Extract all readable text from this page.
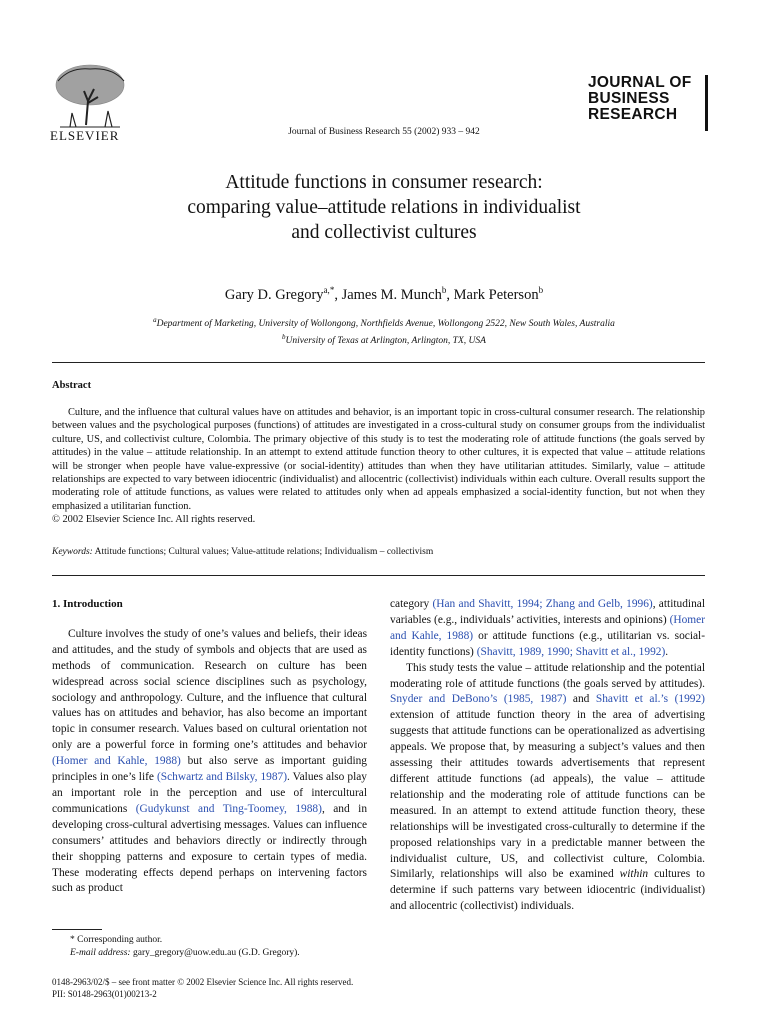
ELSEVIER	Journal of Business Research 55 (2002) 933 – 942
JOURNAL OF
BUSINESS
RESEARCH
Attitude functions in consumer research:
comparing value–attitude relations in individualist
and collectivist cultures
Gary D. Gregory$^{a,*}$, James M. Munch$^b$, Mark Peterson$^b$
$^a$Department of Marketing, University of Wollongong, Northfields Avenue, Wollongong 2522, New South Wales, Australia
$^b$University of Texas at Arlington, Arlington, TX, USA
Abstract

Culture, and the influence that cultural values have on attitudes and behavior, is an important topic in cross-cultural consumer research. The relationship between values and the psychological purposes (functions) of attitudes are investigated in a cross-cultural study on consumer groups from the individualist culture, US, and collectivist culture, Colombia. The primary objective of this study is to test the moderating role of attitude functions (the goals served by attitudes) in the value – attitude relationship. In an attempt to extend attitude function theory to other cultures, it is expected that value – attitude relations will be stronger when people have value-expressive (or social-identity) attitudes than when they have utilitarian attitudes. Similarly, value – attitude relationships are expected to vary between idiocentric (individualist) and allocentric (collectivist) individuals within each culture. Overall results support the moderating role of attitude functions, as values were related to attitudes only when ad appeals emphasized a social-identity function, but not when they emphasized a utilitarian function.

© 2002 Elsevier Science Inc. All rights reserved.

Keywords: Attitude functions; Cultural values; Value-attitude relations; Individualism – collectivism
1. Introduction

Culture involves the study of one’s values and beliefs, their ideas and attitudes, and the study of symbols and objects that are used as methods of communication. Research on culture has been widespread across social science disciplines such as psychology, sociology and anthropology. Culture, and the influence that cultural values has on attitudes and behavior, has also become an important topic in consumer research. Values based on cultural orientation not only are a powerful force in forming one’s attitudes and behavior (Homer and Kahle, 1988) but also serve as important guiding principles in one’s life (Schwartz and Bilsky, 1987). Values also play an important role in the perception and use of intercultural communications (Gudykunst and Ting-Toomey, 1988), and in developing cross-cultural advertising messages. Values can influence consumers’ attitudes and behaviors directly or indirectly through their shopping patterns and exposure to certain types of media. These moderating effects depend perhaps on intervening factors such as product

category (Han and Shavitt, 1994; Zhang and Gelb, 1996), attitudinal variables (e.g., individuals’ activities, interests and opinions) (Homer and Kahle, 1988) or attitude functions (e.g., utilitarian vs. social-identity functions) (Shavitt, 1989, 1990; Shavitt et al., 1992).

This study tests the value – attitude relationship and the potential moderating role of attitude functions (the goals served by attitudes). Snyder and DeBono’s (1985, 1987) and Shavitt et al.’s (1992) extension of attitude function theory in the area of advertising suggests that attitude functions can be operationalized as advertising appeals. We propose that, by measuring a subject’s values and then assessing their attitudes towards advertisements that represent different attitude functions (ad appeals), the value – attitude relationship and the moderating role of attitude functions can be measured. In an attempt to extend attitude function theory, these relationships will be investigated cross-culturally to determine if the proposed relationships vary in a predictable manner between the individualist culture, US, and collectivist culture, Colombia. Similarly, relationships will also be examined within cultures to determine if such patterns vary between idiocentric (individualist) and allocentric (collectivist) individuals.

* Corresponding author.
E-mail address: gary_gregory@uow.edu.au (G.D. Gregory).
0148-2963/02/$ – see front matter © 2002 Elsevier Science Inc. All rights reserved.
PII: S0148-2963(01)00213-2
